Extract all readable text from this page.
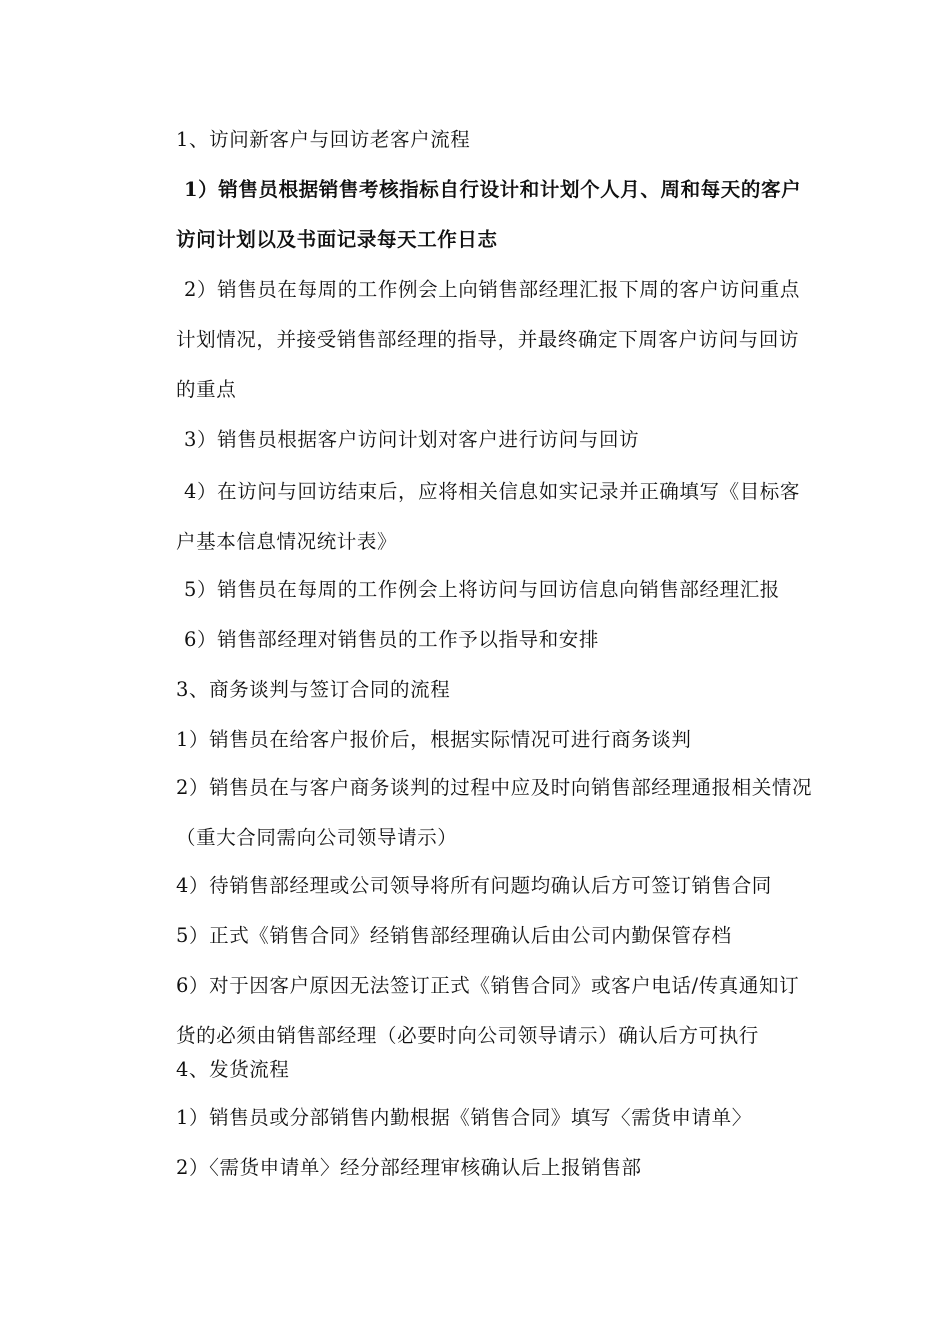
1、访问新客户与回访老客户流程
1）销售员根据销售考核指标自行设计和计划个人月、周和每天的客户
访问计划以及书面记录每天工作日志
2）销售员在每周的工作例会上向销售部经理汇报下周的客户访问重点
计划情况，并接受销售部经理的指导，并最终确定下周客户访问与回访
的重点
3）销售员根据客户访问计划对客户进行访问与回访
4）在访问与回访结束后，应将相关信息如实记录并正确填写《目标客
户基本信息情况统计表》
5）销售员在每周的工作例会上将访问与回访信息向销售部经理汇报
6）销售部经理对销售员的工作予以指导和安排
3、商务谈判与签订合同的流程
1）销售员在给客户报价后，根据实际情况可进行商务谈判
2）销售员在与客户商务谈判的过程中应及时向销售部经理通报相关情况
（重大合同需向公司领导请示）
4）待销售部经理或公司领导将所有问题均确认后方可签订销售合同
5）正式《销售合同》经销售部经理确认后由公司内勤保管存档
6）对于因客户原因无法签订正式《销售合同》或客户电话/传真通知订
货的必须由销售部经理（必要时向公司领导请示）确认后方可执行
4、发货流程
1）销售员或分部销售内勤根据《销售合同》填写〈需货申请单〉
2）〈需货申请单〉经分部经理审核确认后上报销售部
